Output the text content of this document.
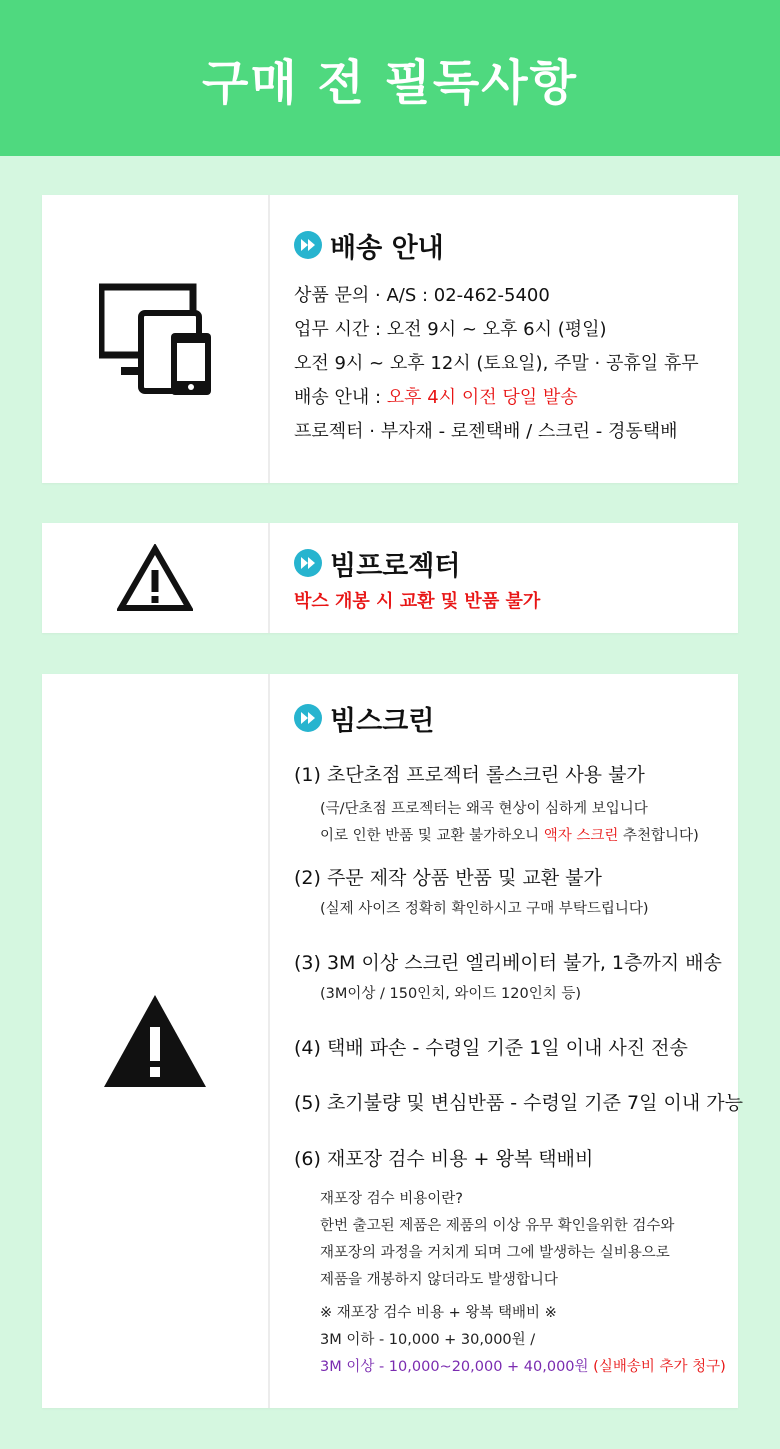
구매 전 필독사항
배송 안내
상품 문의 · A/S : 02-462-5400
업무 시간 : 오전 9시 ~ 오후 6시 (평일)
오전 9시 ~ 오후 12시 (토요일), 주말 · 공휴일 휴무
배송 안내 : 오후 4시 이전 당일 발송
프로젝터 · 부자재 - 로젠택배 / 스크린 - 경동택배
빔프로젝터
박스 개봉 시 교환 및 반품 불가
빔스크린
(1) 초단초점 프로젝터 롤스크린 사용 불가
(극/단초점 프로젝터는 왜곡 현상이 심하게 보입니다
이로 인한 반품 및 교환 불가하오니 액자 스크린 추천합니다)
(2) 주문 제작 상품 반품 및 교환 불가
(실제 사이즈 정확히 확인하시고 구매 부탁드립니다)
(3) 3M 이상 스크린 엘리베이터 불가, 1층까지 배송
(3M이상 / 150인치, 와이드 120인치 등)
(4) 택배 파손 - 수령일 기준 1일 이내 사진 전송
(5) 초기불량 및 변심반품 - 수령일 기준 7일 이내 가능
(6) 재포장 검수 비용 + 왕복 택배비
재포장 검수 비용이란?
한번 출고된 제품은 제품의 이상 유무 확인을위한 검수와
재포장의 과정을 거치게 되며 그에 발생하는 실비용으로
제품을 개봉하지 않더라도 발생합니다
※ 재포장 검수 비용 + 왕복 택배비 ※
3M 이하 - 10,000 + 30,000원 /
3M 이상 - 10,000~20,000 + 40,000원 (실배송비 추가 청구)
